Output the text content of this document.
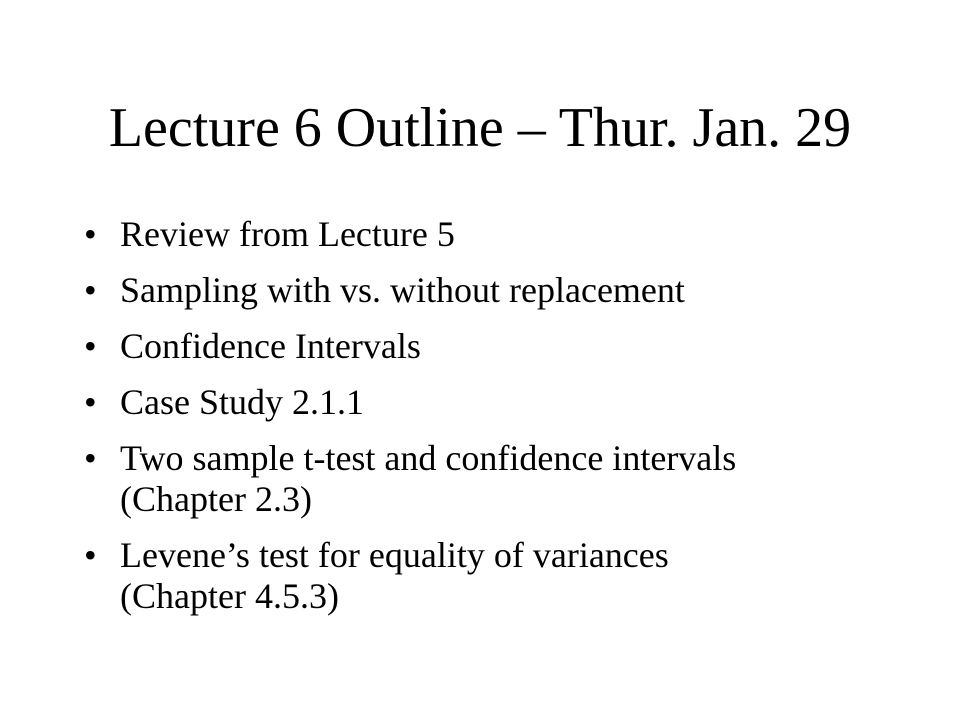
Lecture 6 Outline – Thur. Jan. 29
• Review from Lecture 5
• Sampling with vs. without replacement
• Confidence Intervals
• Case Study 2.1.1
• Two sample t-test and confidence intervals
(Chapter 2.3)
• Levene’s test for equality of variances
(Chapter 4.5.3)
